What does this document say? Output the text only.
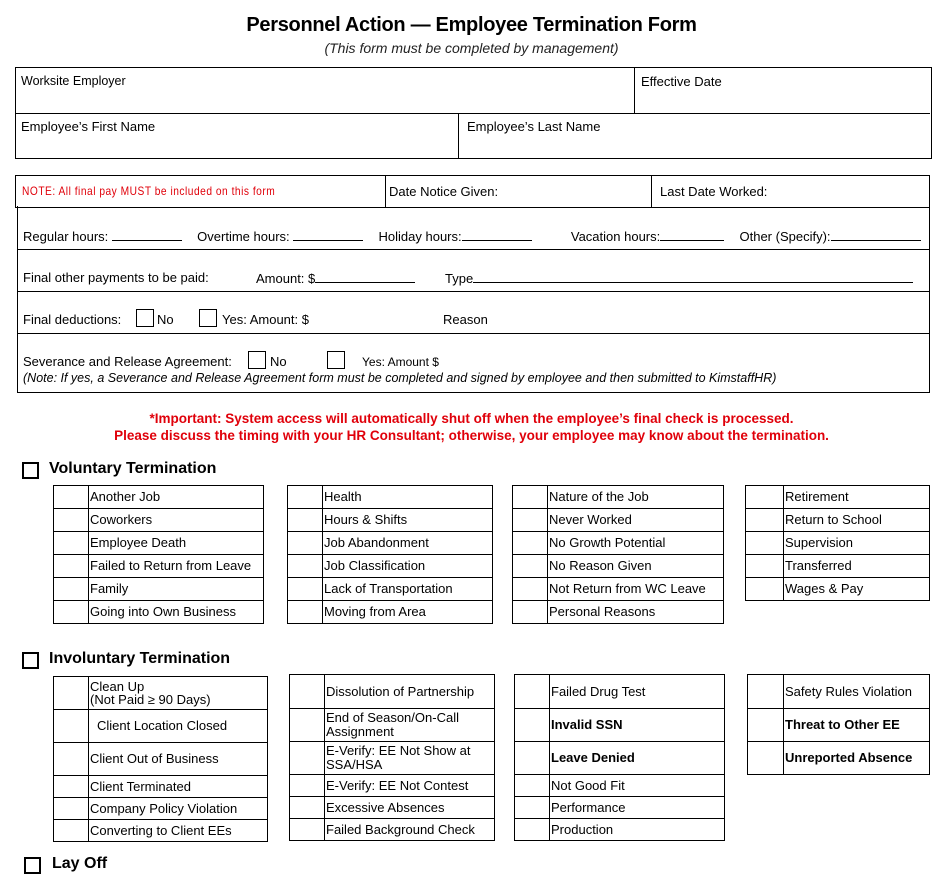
Personnel Action — Employee Termination Form
(This form must be completed by management)
Worksite Employer	Effective Date
Employee’s First Name	Employee’s Last Name
NOTE: All final pay MUST be included on this form	Date Notice Given:	Last Date Worked:
Regular hours:	Overtime hours:	Holiday hours:	Vacation hours:	Other (Specify):
Final other payments to be paid:	Amount: $	Type
Final deductions:	No	Yes: Amount: $	Reason
Severance and Release Agreement:	No	Yes: Amount $
(Note: If yes, a Severance and Release Agreement form must be completed and signed by employee and then submitted to KimstaffHR)
*Important: System access will automatically shut off when the employee’s final check is processed.
Please discuss the timing with your HR Consultant; otherwise, your employee may know about the termination.
Voluntary Termination
	Another Job
	Coworkers
	Employee Death
	Failed to Return from Leave
	Family
	Going into Own Business
	Health
	Hours & Shifts
	Job Abandonment
	Job Classification
	Lack of Transportation
	Moving from Area
	Nature of the Job
	Never Worked
	No Growth Potential
	No Reason Given
	Not Return from WC Leave
	Personal Reasons
	Retirement
	Return to School
	Supervision
	Transferred
	Wages & Pay
Involuntary Termination
	Clean Up
(Not Paid ≥ 90 Days)
	Client Location Closed
	Client Out of Business
	Client Terminated
	Company Policy Violation
	Converting to Client EEs
	Dissolution of Partnership
	End of Season/On-Call
Assignment
	E-Verify: EE Not Show at
SSA/HSA
	E-Verify: EE Not Contest
	Excessive Absences
	Failed Background Check
	Failed Drug Test
	Invalid SSN
	Leave Denied
	Not Good Fit
	Performance
	Production
	Safety Rules Violation
	Threat to Other EE
	Unreported Absence
Lay Off
